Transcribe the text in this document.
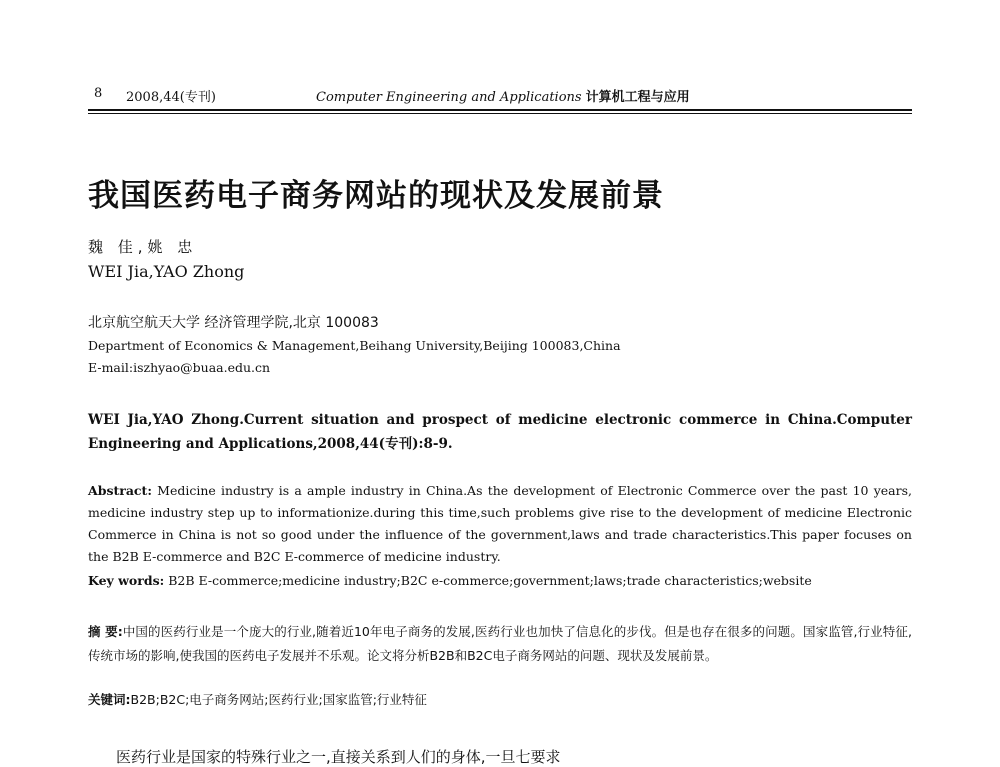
8 2008,44(专刊)	Computer Engineering and Applications 计算机工程与应用
我国医药电子商务网站的现状及发展前景
魏 佳,姚 忠
WEI Jia,YAO Zhong
北京航空航天大学 经济管理学院,北京 100083
Department of Economics & Management,Beihang University,Beijing 100083,China
E-mail:iszhyao@buaa.edu.cn
WEI Jia,YAO Zhong.Current situation and prospect of medicine electronic commerce in China.Computer Engineering and Applications,2008,44(专刊):8-9.
Abstract: Medicine industry is a ample industry in China.As the development of Electronic Commerce over the past 10 years, medicine industry step up to informationize.during this time,such problems give rise to the development of medicine Electronic Commerce in China is not so good under the influence of the government,laws and trade characteristics.This paper focuses on the B2B E-commerce and B2C E-commerce of medicine industry.
Key words: B2B E-commerce;medicine industry;B2C e-commerce;government;laws;trade characteristics;website
摘 要:中国的医药行业是一个庞大的行业,随着近10年电子商务的发展,医药行业也加快了信息化的步伐。但是也存在很多的问题。国家监管,行业特征,传统市场的影响,使我国的医药电子发展并不乐观。论文将分析B2B和B2C电子商务网站的问题、现状及发展前景。
关键词:B2B;B2C;电子商务网站;医药行业;国家监管;行业特征
医药行业是国家的特殊行业之一,直接关系到人们的身体,一旦七要求
